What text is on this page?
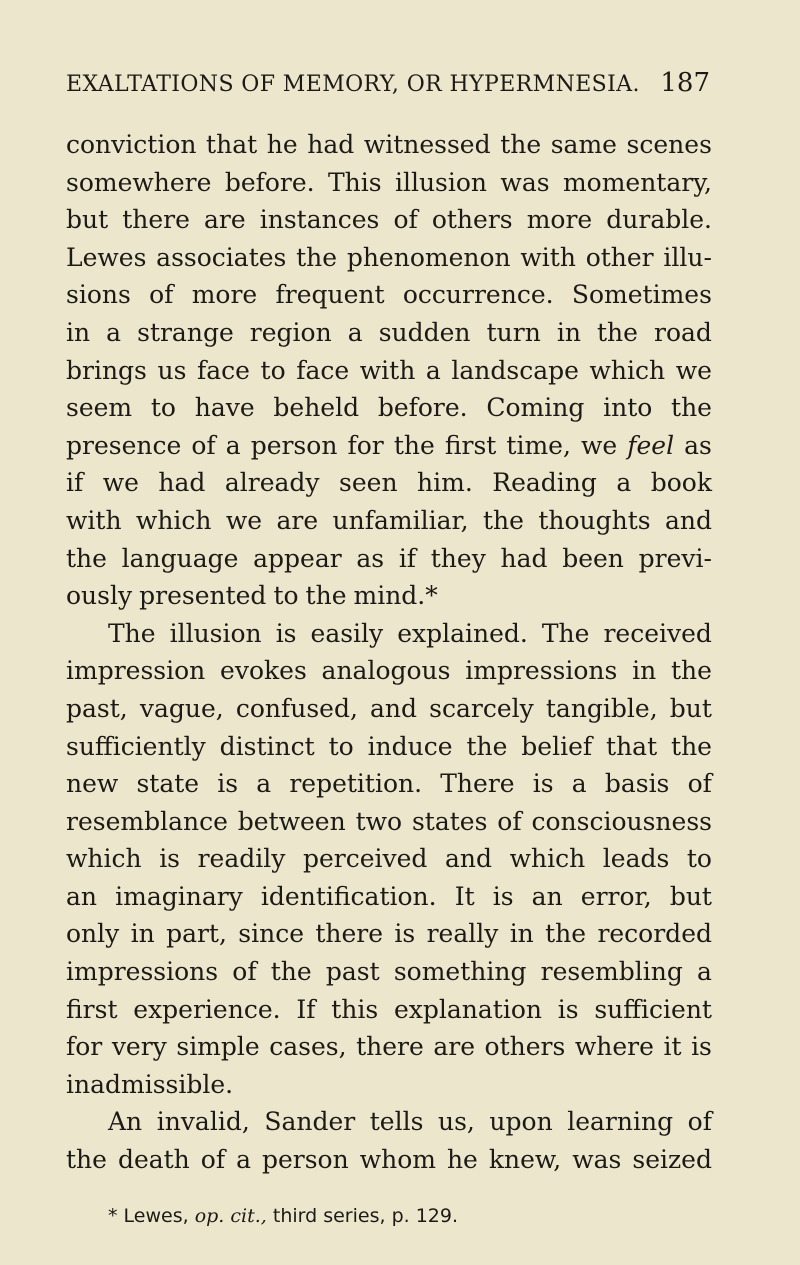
EXALTATIONS OF MEMORY, OR HYPERMNESIA. 187
conviction that he had witnessed the same scenes
somewhere before. This illusion was momentary,
but there are instances of others more durable.
Lewes associates the phenomenon with other illu-
sions of more frequent occurrence. Sometimes
in a strange region a sudden turn in the road
brings us face to face with a landscape which we
seem to have beheld before. Coming into the
presence of a person for the first time, we feel as
if we had already seen him. Reading a book
with which we are unfamiliar, the thoughts and
the language appear as if they had been previ-
ously presented to the mind.*
The illusion is easily explained. The received
impression evokes analogous impressions in the
past, vague, confused, and scarcely tangible, but
sufficiently distinct to induce the belief that the
new state is a repetition. There is a basis of
resemblance between two states of consciousness
which is readily perceived and which leads to
an imaginary identification. It is an error, but
only in part, since there is really in the recorded
impressions of the past something resembling a
first experience. If this explanation is sufficient
for very simple cases, there are others where it is
inadmissible.
An invalid, Sander tells us, upon learning of
the death of a person whom he knew, was seized
* Lewes, op. cit., third series, p. 129.
